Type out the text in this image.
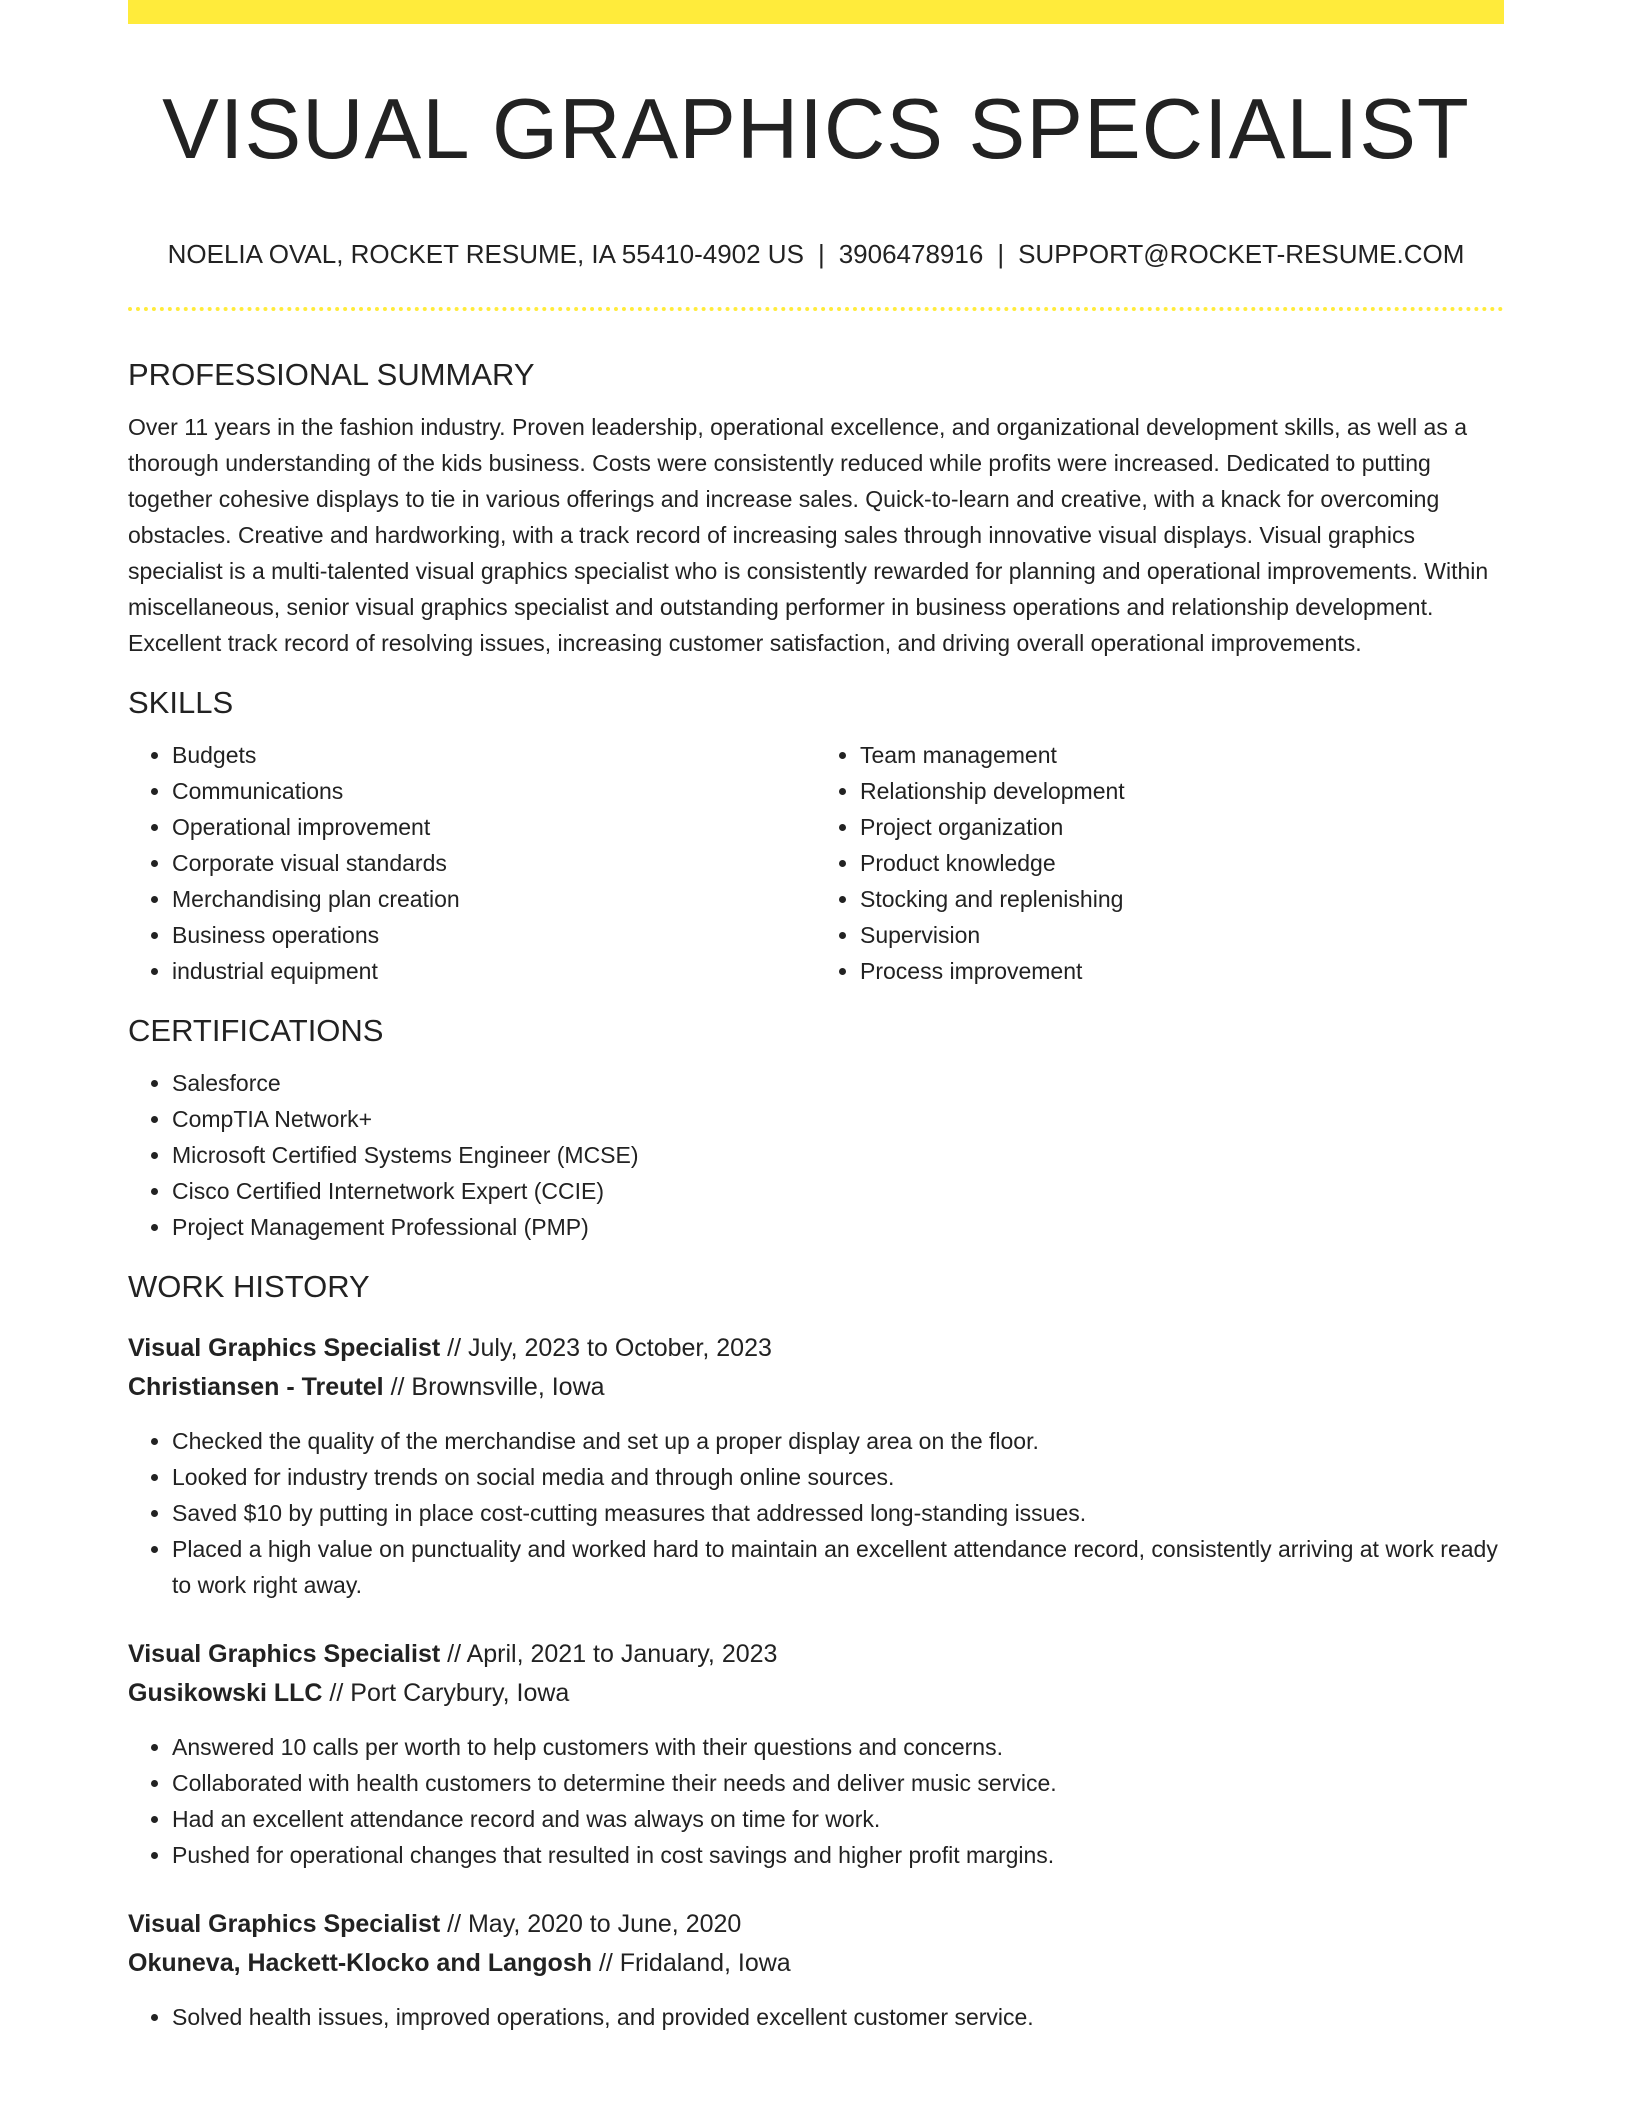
VISUAL GRAPHICS SPECIALIST
NOELIA OVAL, ROCKET RESUME, IA 55410-4902 US | 3906478916 | SUPPORT@ROCKET-RESUME.COM
PROFESSIONAL SUMMARY

Over 11 years in the fashion industry. Proven leadership, operational excellence, and organizational development skills, as well as a thorough understanding of the kids business. Costs were consistently reduced while profits were increased. Dedicated to putting together cohesive displays to tie in various offerings and increase sales. Quick-to-learn and creative, with a knack for overcoming obstacles. Creative and hardworking, with a track record of increasing sales through innovative visual displays. Visual graphics specialist is a multi-talented visual graphics specialist who is consistently rewarded for planning and operational improvements. Within miscellaneous, senior visual graphics specialist and outstanding performer in business operations and relationship development. Excellent track record of resolving issues, increasing customer satisfaction, and driving overall operational improvements.

SKILLS
• Budgets
• Communications
• Operational improvement
• Corporate visual standards
• Merchandising plan creation
• Business operations
• industrial equipment
• Team management
• Relationship development
• Project organization
• Product knowledge
• Stocking and replenishing
• Supervision
• Process improvement
CERTIFICATIONS
• Salesforce
• CompTIA Network+
• Microsoft Certified Systems Engineer (MCSE)
• Cisco Certified Internetwork Expert (CCIE)
• Project Management Professional (PMP)
WORK HISTORY
Visual Graphics Specialist // July, 2023 to October, 2023
Christiansen - Treutel // Brownsville, Iowa
• Checked the quality of the merchandise and set up a proper display area on the floor.
• Looked for industry trends on social media and through online sources.
• Saved $10 by putting in place cost-cutting measures that addressed long-standing issues.
• Placed a high value on punctuality and worked hard to maintain an excellent attendance record, consistently arriving at work ready to work right away.
Visual Graphics Specialist // April, 2021 to January, 2023
Gusikowski LLC // Port Carybury, Iowa
• Answered 10 calls per worth to help customers with their questions and concerns.
• Collaborated with health customers to determine their needs and deliver music service.
• Had an excellent attendance record and was always on time for work.
• Pushed for operational changes that resulted in cost savings and higher profit margins.
Visual Graphics Specialist // May, 2020 to June, 2020
Okuneva, Hackett-Klocko and Langosh // Fridaland, Iowa
• Solved health issues, improved operations, and provided excellent customer service.
